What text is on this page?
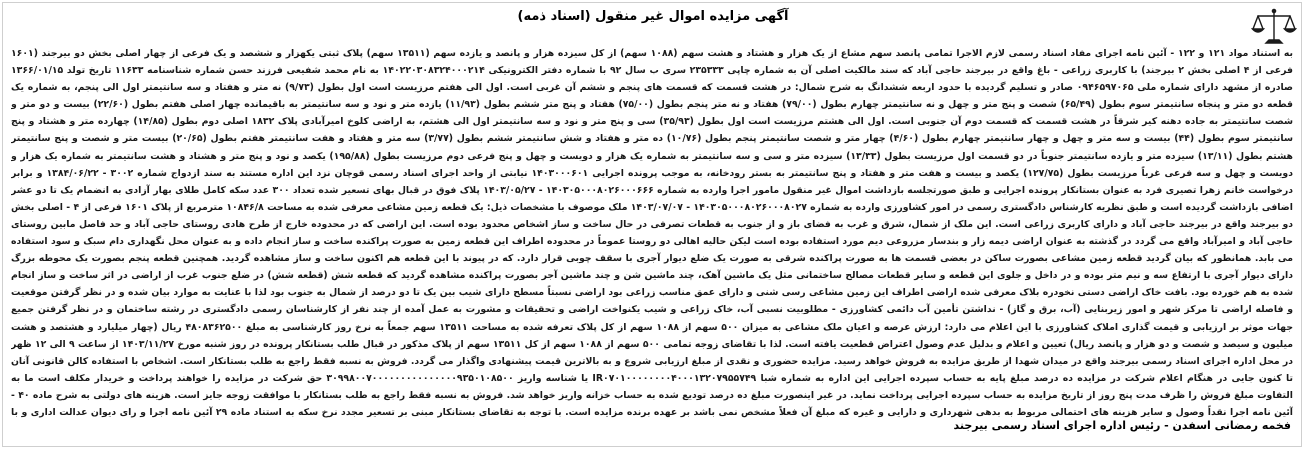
آگهی مزایده اموال غیر منقول (اسناد ذمه)
به استناد مواد ۱۲۱ و ۱۲۲ - آئین نامه اجرای مفاد اسناد رسمی لازم الاجرا تمامی پانصد سهم مشاع از یک هزار و هشتاد و هشت سهم (۱۰۸۸ سهم) از کل سیزده هزار و پانصد و یازده سهم (۱۳۵۱۱ سهم) پلاک ثبتی یکهزار و ششصد و یک فرعی از چهار اصلی بخش دو بیرجند (۱۶۰۱ فرعی از ۴ اصلی بخش ۲ بیرجند) با کاربری زراعی - باغ واقع در بیرجند حاجی آباد که سند مالکیت اصلی آن به شماره چاپی ۲۳۵۳۳۳ سری ب سال ۹۲ با شماره دفتر الکترونیکی ۱۴۰۲۲۰۳۰۸۳۲۴۰۰۰۲۱۴ به نام محمد شفیعی فرزند حسن شماره شناسنامه ۱۱۶۳۳ تاریخ تولد ۱۳۶۶/۰۱/۱۵ صادره از مشهد دارای شماره ملی ۰۹۴۶۵۹۷۰۶۵ صادر و تسلیم گردیده با حدود اربعه ششدانگ به شرح شمال: در هشت قسمت که قسمت های پنجم و ششم آن غربی است. اول الی هفتم مرزیست است اول بطول (۹/۷۳) نه متر و هفتاد و سه سانتیمتر اول الی پنجم، به شماره یک قطعه دو متر و پنجاه سانتیمتر سوم بطول (۶۵/۴۹) شصت و پنج متر و چهل و نه سانتیمتر چهارم بطول (۷۹/۰۰) هفتاد و نه متر پنجم بطول (۷۵/۰۰) هفتاد و پنج متر ششم بطول (۱۱/۹۳) یازده متر و نود و سه سانتیمتر به باقیمانده چهار اصلی هفتم بطول (۲۲/۶۰) بیست و دو متر و شصت سانتیمتر به جاده دهنه کیر شرقاً در هشت قسمت که قسمت دوم آن جنوبی است. اول الی هشتم مرزیست است اول بطول (۳۵/۹۳) سی و پنج متر و نود و سه سانتیمتر اول الی هشتم، به اراضی کلوخ امیرآبادی پلاک ۱۸۳۲ اصلی دوم بطول (۱۴/۸۵) چهارده متر و هشتاد و پنج سانتیمتر سوم بطول (۴۴) بیست و سه متر و چهل و چهار سانتیمتر چهارم بطول (۴/۶۰) چهار متر و شصت سانتیمتر پنجم بطول (۱۰/۷۶) ده متر و هفتاد و شش سانتیمتر ششم بطول (۳/۷۷) سه متر و هفتاد و هفت سانتیمتر هفتم بطول (۲۰/۶۵) بیست متر و شصت و پنج سانتیمتر هشتم بطول (۱۳/۱۱) سیزده متر و یازده سانتیمتر جنوباً در دو قسمت اول مرزیست بطول (۱۳/۳۳) سیزده متر و سی و سه سانتیمتر به شماره یک هزار و دویست و چهل و پنج فرعی دوم مرزیست بطول (۱۹۵/۸۸) یکصد و نود و پنج متر و هشتاد و هشت سانتیمتر به شماره یک هزار و دویست و چهل و سه فرعی غرباً مرزیست بطول (۱۲۷/۷۵) یکصد و بیست و هفت متر و هفتاد و پنج سانتیمتر به بستر رودخانه، به موجب پرونده اجرایی ۱۴۰۳۰۰۰۶۰۱ نیابتی از واحد اجرای اسناد رسمی قوچان نزد این اداره مستند به سند ازدواج شماره ۳۰۰۲ - ۱۳۸۴/۰۶/۲۲ و برابر درخواست خانم زهرا تصیری فرد به عنوان بستانکار پرونده اجرایی و طبق صورتجلسه بازداشت اموال غیر منقول مامور اجرا وارده به شماره ۱۴۰۳۰۵۰۰۰۸۰۲۶۰۰۰۶۶۶ - ۱۴۰۳/۰۵/۲۷ پلاک فوق در قبال بهای تسعیر شده تعداد ۳۰۰ عدد سکه کامل طلای بهار آزادی به انضمام یک تا دو عشر اضافی بازداشت گردیده است و طبق نظریه کارشناس دادگستری رسمی در امور کشاورزی وارده به شماره ۱۴۰۳۰۵۰۰۰۸۰۲۶۰۰۰۸۰۲۷ - ۱۴۰۳/۰۷/۰۷ ملک موصوف با مشخصات ذیل: یک قطعه زمین مشاعی معرفی شده به مساحت ۱۰۸۴۶/۸ مترمربع از پلاک ۱۶۰۱ فرعی از ۴ - اصلی بخش دو بیرجند واقع در بیرجند حاجی آباد و دارای کاربری زراعی است. این ملک از شمال، شرق و غرب به فضای باز و از جنوب به قطعات تصرفی در حال ساخت و ساز اشخاص محدود بوده است. این اراضی که در محدوده خارج از طرح هادی روستای حاجی آباد و حد فاصل مابین روستای حاجی آباد و امیرآباد واقع می گردد در گذشته به عنوان اراضی دیمه زار و بندسار مزروعی دیم مورد استفاده بوده است لیکن حالیه اهالی دو روستا عموماً در محدوده اطراف این قطعه زمین به صورت پراکنده ساخت و ساز انجام داده و به عنوان محل نگهداری دام سبک و سود استفاده می بابد. همانطور که بیان گردید قطعه زمین مشاعی بصورت ساکن در بعضی قسمت ها به صورت پراکنده شرقی به صورت یک ضلع دیوار آجری با سقف چوبی قرار دارد. که در پیوند با این قطعه هم اکنون ساخت و ساز مشاهده گردید. همچنین قطعه پنجم بصورت یک محوطه بزرگ دارای دیوار آجری با ارتفاع سه و نیم متر بوده و در داخل و جلوی این قطعه و سایر قطعات مصالح ساختمانی مثل یک ماشین آهک، چند ماشین شن و چند ماشین آجر بصورت پراکنده مشاهده گردید که قطعه شش (قطعه شش) در ضلع جنوب غرب از اراضی در اثر ساخت و ساز انجام شده به هم خورده بود. بافت خاک اراضی دستی نخودره بلاک معرفی شده اراضی اطراف این زمین مشاعی رسی شنی و دارای عمق مناسب زراعی بود اراضی نسبتاً مسطح دارای شیب بین یک تا دو درصد از شمال به جنوب بود لذا با عنایت به موارد بیان شده و در نظر گرفتن موقعیت و فاصله اراضی تا مرکز شهر و امور زیربنایی (آب، برق و گاز) - نداشتن تأمین آب دائمی کشاورزی - مطلوبیت نسبی آب، خاک زراعی و شیب یکنواخت اراضی و تحقیقات و مشورت به عمل آمده از چند نفر از کارشناسان رسمی دادگستری در رشته ساختمان و در نظر گرفتن جمیع جهات موثر بر ارزیابی و قیمت گذاری املاک کشاورزی با این اعلام می دارد: ارزش عرصه و اعیان ملک مشاعی به میزان ۵۰۰ سهم از ۱۰۸۸ سهم از کل پلاک تعرفه شده به مساحت ۱۳۵۱۱ سهم جمعاً به نرخ روز کارشناسی به مبلغ ۴۸۰۸۳۶۲۵۰۰ ریال (چهار میلیارد و هشتصد و هشت میلیون و سیصد و شصت و دو هزار و پانصد ریال) تعیین و اعلام و بدلیل عدم وصول اعتراض قطعیت یافته است. لذا با تقاضای زوجه تمامی ۵۰۰ سهم از ۱۰۸۸ سهم از کل ۱۳۵۱۱ سهم از پلاک مذکور در قبال طلب بستانکار پرونده در روز شنبه مورخ ۱۴۰۳/۱۱/۲۷ از ساعت ۹ الی ۱۲ ظهر در محل اداره اجرای اسناد رسمی بیرجند واقع در میدان شهدا از طریق مزایده به فروش خواهد رسید. مزایده حضوری و نقدی از مبلغ ارزیابی شروع و به بالاترین قیمت پیشنهادی واگذار می گردد. فروش به نسبه فقط راجع به طلب بستانکار است. اشخاص با استفاده کالن قانونی آنان تا کنون جایی در هنگام اعلام شرکت در مزایده ده درصد مبلغ پایه به حساب سپرده اجرایی این اداره به شماره شبا IR۰۷۰۱۰۰۰۰۰۰۰۰۴۰۰۰۱۳۲۰۷۹۵۵۷۴۹ یا شناسه واریز ۳۰۹۹۸۰۰۷۰۰۰۰۰۰۰۰۰۰۰۰۰۰۰۹۳۵۰۱۰۸۵۰۰ حق شرکت در مزایده را خواهند پرداخت و خریدار مکلف است ما به التفاوت مبلغ فروش را ظرف مدت پنج روز از تاریخ مزایده به حساب سپرده اجرایی پرداخت نماید. در غیر اینصورت مبلغ ده درصد تودیع شده به حساب خزانه واریز خواهد شد. فروش به نسبه فقط راجع به طلب بستانکار با موافقت زوجه جایز است. هزینه های دولتی به شرح ماده ۴۰ - آئین نامه اجرا نقداً وصول و سایر هزینه های احتمالی مربوط به بدهی شهرداری و دارایی و غیره که مبلغ آن فعلاً مشخص نمی باشد بر عهده برنده مزایده است. با توجه به تقاضای بستانکار مبنی بر تسعیر مجدد نرخ سکه به استناد ماده ۲۹ آئین نامه اجرا و رای دیوان عدالت اداری و با
فخمه رمضانی اسفدن - رئیس اداره اجرای اسناد رسمی بیرجند
